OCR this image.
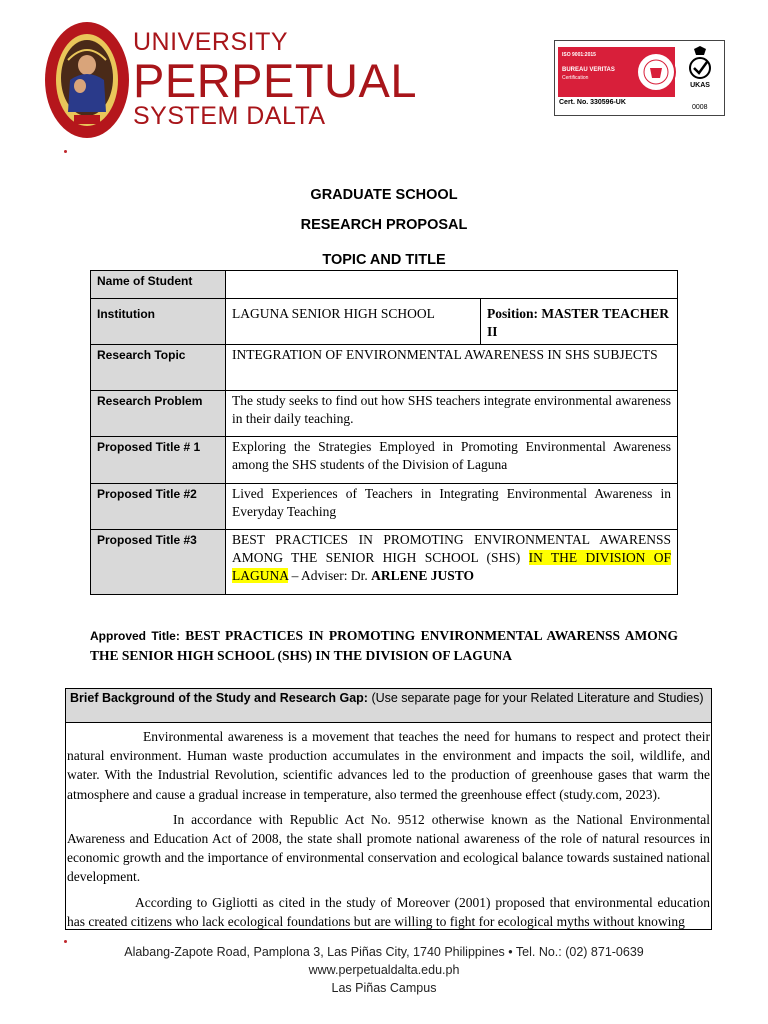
UNIVERSITY
PERPETUAL
SYSTEM DALTA
ISO 9001:2015
BUREAU VERITAS
Certification
UKAS
Cert. No. 330596-UK
0008
GRADUATE SCHOOL
RESEARCH PROPOSAL
TOPIC AND TITLE
Name of Student		
Institution	LAGUNA SENIOR HIGH SCHOOL	Position: MASTER TEACHER II
Research Topic	INTEGRATION OF ENVIRONMENTAL AWARENESS IN SHS SUBJECTS	
Research Problem	The study seeks to find out how SHS teachers integrate environmental awareness in their daily teaching.	
Proposed Title # 1	Exploring the Strategies Employed in Promoting Environmental Awareness among the SHS students of the Division of Laguna	
Proposed Title #2	Lived Experiences of Teachers in Integrating Environmental Awareness in Everyday Teaching	
Proposed Title #3	BEST PRACTICES IN PROMOTING ENVIRONMENTAL AWARENSS AMONG THE SENIOR HIGH SCHOOL (SHS) IN THE DIVISION OF LAGUNA – Adviser: Dr. ARLENE JUSTO	
Approved Title: BEST PRACTICES IN PROMOTING ENVIRONMENTAL AWARENSS AMONG THE SENIOR HIGH SCHOOL (SHS) IN THE DIVISION OF LAGUNA
Brief Background of the Study and Research Gap: (Use separate page for your Related Literature and Studies)

Environmental awareness is a movement that teaches the need for humans to respect and protect their natural environment. Human waste production accumulates in the environment and impacts the soil, wildlife, and water. With the Industrial Revolution, scientific advances led to the production of greenhouse gases that warm the atmosphere and cause a gradual increase in temperature, also termed the greenhouse effect (study.com, 2023).

In accordance with Republic Act No. 9512 otherwise known as the National Environmental Awareness and Education Act of 2008, the state shall promote national awareness of the role of natural resources in economic growth and the importance of environmental conservation and ecological balance towards sustained national development.

According to Gigliotti as cited in the study of Moreover (2001) proposed that environmental education has created citizens who lack ecological foundations but are willing to fight for ecological myths without knowing

Alabang-Zapote Road, Pamplona 3, Las Piñas City, 1740 Philippines • Tel. No.: (02) 871-0639
www.perpetualdalta.edu.ph
Las Piñas Campus
